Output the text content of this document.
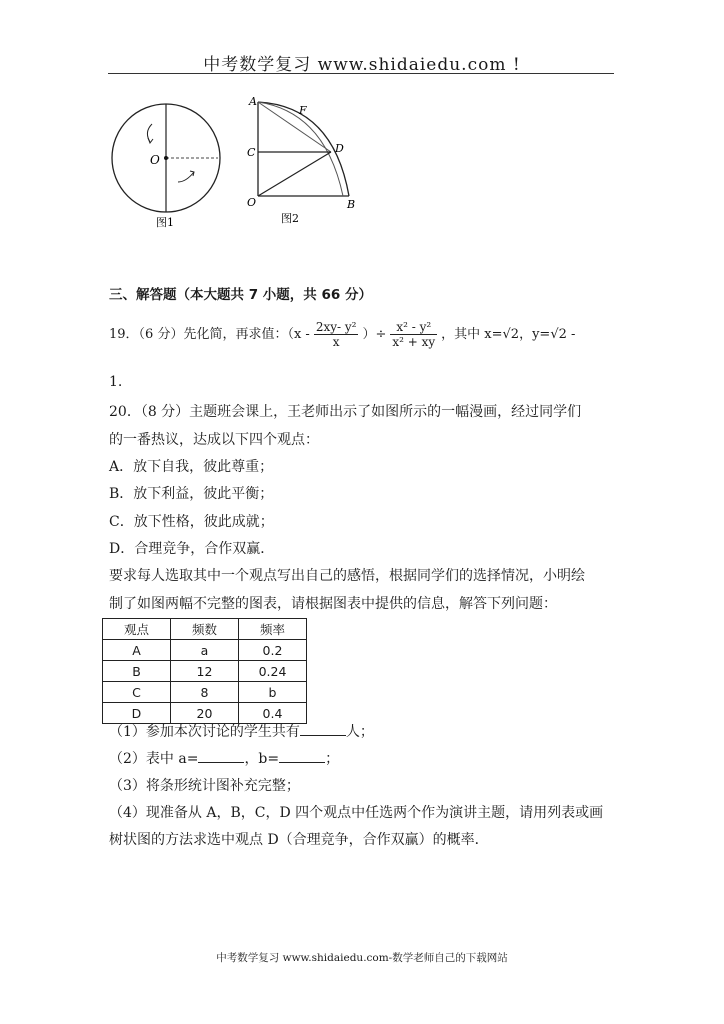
中考数学复习 www.shidaiedu.com !
O
图1
A
F
C	D
O	B
图2
三、解答题（本大题共 7 小题，共 66 分）
19．（6 分）先化简，再求值：（$x - \frac{\text{2xy- y²}}{x}$ ）÷ $\frac{\text{x² - y²}}{\text{x² + xy}}$ ，其中 x=√2，y=√2 -
1.
20．（8 分）主题班会课上，王老师出示了如图所示的一幅漫画，经过同学们
的一番热议，达成以下四个观点：
A．放下自我，彼此尊重；
B．放下利益，彼此平衡；
C．放下性格，彼此成就；
D．合理竞争，合作双赢．
要求每人选取其中一个观点写出自己的感悟，根据同学们的选择情况，小明绘
制了如图两幅不完整的图表，请根据图表中提供的信息，解答下列问题：
观点	频数	频率
A	a	0.2
B	12	0.24
C	8	b
D	20	0.4
（1）参加本次讨论的学生共有	人；
（2）表中 a=	，b=	；
（3）将条形统计图补充完整；
（4）现准备从 A，B，C，D 四个观点中任选两个作为演讲主题，请用列表或画
树状图的方法求选中观点 D（合理竞争，合作双赢）的概率．
中考数学复习 www.shidaiedu.com-数学老师自己的下载网站
